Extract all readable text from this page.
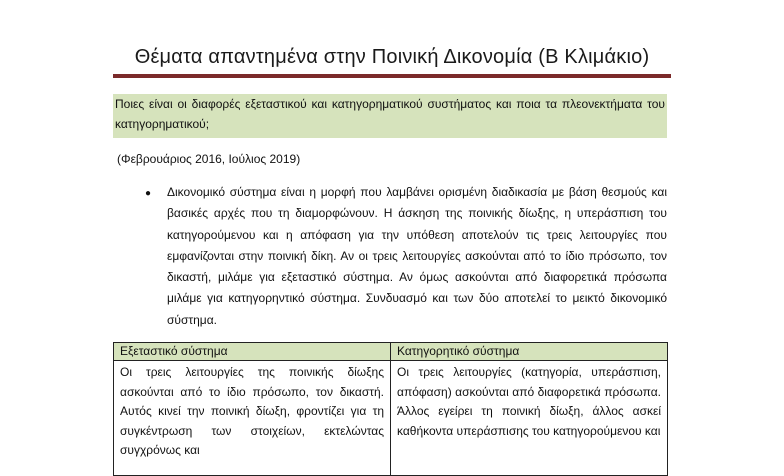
Θέματα απαντημένα στην Ποινική Δικονομία (Β Κλιμάκιο)
Ποιες είναι οι διαφορές εξεταστικού και κατηγορηματικού συστήματος και ποια τα πλεονεκτήματα του κατηγορηματικού;
(Φεβρουάριος 2016, Ιούλιος 2019)
● Δικονομικό σύστημα είναι η μορφή που λαμβάνει ορισμένη διαδικασία με βάση θεσμούς και βασικές αρχές που τη διαμορφώνουν. Η άσκηση της ποινικής δίωξης, η υπεράσπιση του κατηγορούμενου και η απόφαση για την υπόθεση αποτελούν τις τρεις λειτουργίες που εμφανίζονται στην ποινική δίκη. Αν οι τρεις λειτουργίες ασκούνται από το ίδιο πρόσωπο, τον δικαστή, μιλάμε για εξεταστικό σύστημα. Αν όμως ασκούνται από διαφορετικά πρόσωπα μιλάμε για κατηγορηντικό σύστημα. Συνδυασμό και των δύο αποτελεί το μεικτό δικονομικό σύστημα.
Εξεταστικό σύστημα	Κατηγορητικό σύστημα
Οι τρεις λειτουργίες της ποινικής δίωξης ασκούνται από το ίδιο πρόσωπο, τον δικαστή. Αυτός κινεί την ποινική δίωξη, φροντίζει για τη συγκέντρωση των στοιχείων, εκτελώντας συγχρόνως και	Οι τρεις λειτουργίες (κατηγορία, υπεράσπιση, απόφαση) ασκούνται από διαφορετικά πρόσωπα. Άλλος εγείρει τη ποινική δίωξη, άλλος ασκεί καθήκοντα υπεράσπισης του κατηγορούμενου και
